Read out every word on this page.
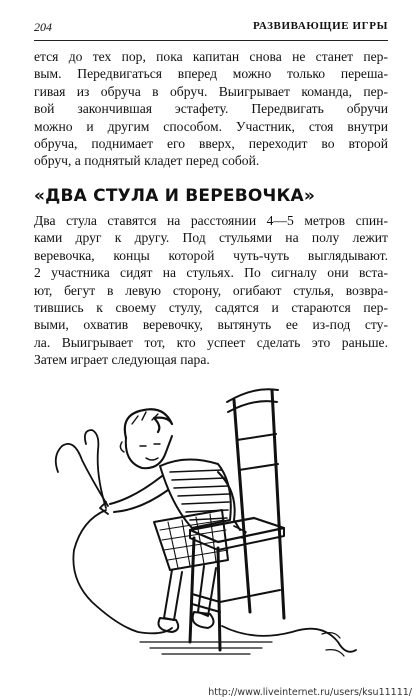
204	РАЗВИВАЮЩИЕ ИГРЫ
ется до тех пор, пока капитан снова не станет пер-
вым. Передвигаться вперед можно только перешa-
гивая из обруча в обруч. Выигрывает команда, пер-
вой закончившая эстафету. Передвигать обручи
можно и другим способом. Участник, стоя внутри
обруча, поднимает его вверх, переходит во второй
обруч, а поднятый кладет перед собой.
«ДВА СТУЛА И ВЕРЕВОЧКА»
Два стула ставятся на расстоянии 4—5 метров спин-
ками друг к другу. Под стульями на полу лежит
веревочка, концы которой чуть-чуть выглядывают.
2 участника сидят на стульях. По сигналу они вста-
ют, бегут в левую сторону, огибают стулья, возвра-
тившись к своему стулу, садятся и стараются пер-
выми, охватив веревочку, вытянуть ее из-под сту-
ла. Выигрывает тот, кто успеет сделать это раньше.
Затем играет следующая пара.
http://www.liveinternet.ru/users/ksu11111/
